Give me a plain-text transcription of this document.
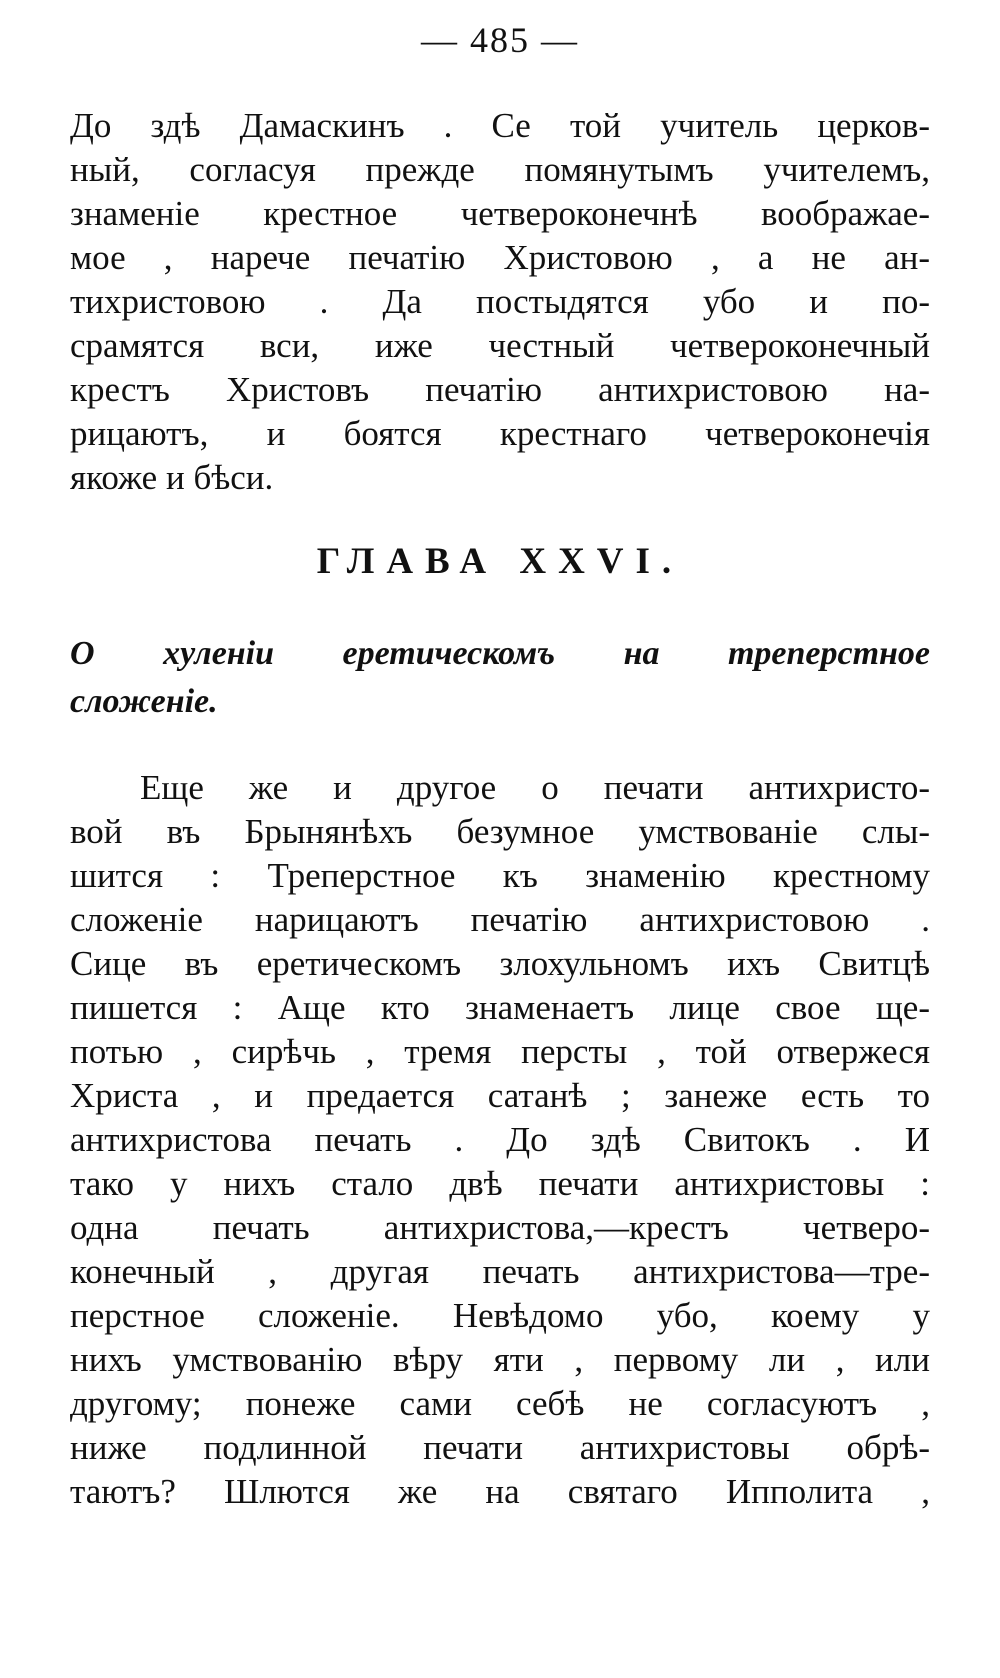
— 485 —
До здѣ Дамаскинъ . Се той учитель церков-
ный, согласуя прежде помянутымъ учителемъ,
знаменіе крестное четвероконечнѣ воображае-
мое , нарече печатію Христовою , а не ан-
тихристовою . Да постыдятся убо и по-
срамятся вси, иже честный четвероконечный
крестъ Христовъ печатію антихристовою на-
рицаютъ, и боятся крестнаго четвероконечія
якоже и бѣси.
ГЛАВА XXVI.
О хуленіи еретическомъ на треперстное
сложеніе.
Еще же и другое о печати антихристо-
вой въ Брынянѣхъ безумное умствованіе слы-
шится : Треперстное къ знаменію крестному
сложеніе нарицаютъ печатію антихристовою .
Сице въ еретическомъ злохульномъ ихъ Свитцѣ
пишется : Аще кто знаменаетъ лице свое ще-
потью , сирѣчь , тремя персты , той отвержеся
Христа , и предается сатанѣ ; занеже есть то
антихристова печать . До здѣ Свитокъ . И
тако у нихъ стало двѣ печати антихристовы :
одна печать антихристова,—крестъ четверо-
конечный , другая печать антихристова—тре-
перстное сложеніе. Невѣдомо убо, коему у
нихъ умствованію вѣру яти , первому ли , или
другому; понеже сами себѣ не согласуютъ ,
ниже подлинной печати антихристовы обрѣ-
таютъ? Шлются же на святаго Ипполита ,
